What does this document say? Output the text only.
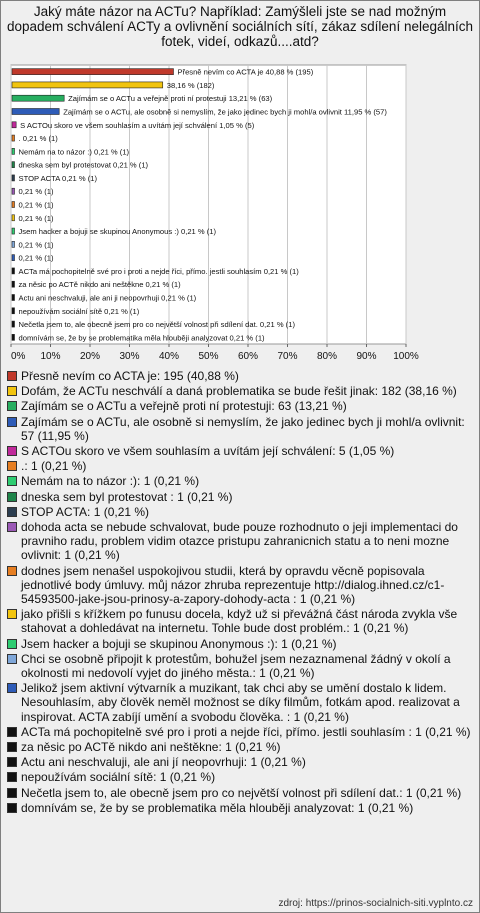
Jaký máte názor na ACTu? Například: Zamýšleli jste se nad možným dopadem schválení ACTy a ovlivnění sociálních sítí, zákaz sdílení nelegálních fotek, videí, odkazů....atd?
0% 10% 20% 30% 40% 50% 60% 70% 80% 90% 100%
Přesně nevím co ACTA je 40,88 % (195)
38,16 % (182)
Zajímám se o ACTu a veřejně proti ní protestuji 13,21 % (63)
Zajímám se o ACTu, ale osobně si nemyslím, že jako jedinec bych ji mohl/a ovlivnit 11,95 % (57)
S ACTOu skoro ve všem souhlasím a uvítám její schválení 1,05 % (5)
. 0,21 % (1)
Nemám na to názor :) 0,21 % (1)
dneska sem byl protestovat 0,21 % (1)
STOP ACTA 0,21 % (1)
0,21 % (1)
0,21 % (1)
0,21 % (1)
Jsem hacker a bojuji se skupinou Anonymous :) 0,21 % (1)
0,21 % (1)
0,21 % (1)
ACTa má pochopitelně své pro i proti a nejde říci, přímo. jestli souhlasím 0,21 % (1)
za něsic po ACTě nikdo ani neštěkne 0,21 % (1)
Actu ani neschvaluji, ale ani ji neopovrhuji 0,21 % (1)
nepoužívám sociální sítě 0,21 % (1)
Nečetla jsem to, ale obecně jsem pro co největší volnost při sdílení dat. 0,21 % (1)
domnívám se, že by se problematika měla hlouběji analyzovat 0,21 % (1)
Přesně nevím co ACTA je: 195 (40,88 %)
Dofám, že ACTu neschválí a daná problematika se bude řešit jinak: 182 (38,16 %)
Zajímám se o ACTu a veřejně proti ní protestuji: 63 (13,21 %)
Zajímám se o ACTu, ale osobně si nemyslím, že jako jedinec bych ji mohl/a ovlivnit: 57 (11,95 %)
S ACTOu skoro ve všem souhlasím a uvítám její schválení: 5 (1,05 %)
.: 1 (0,21 %)
Nemám na to názor :): 1 (0,21 %)
dneska sem byl protestovat : 1 (0,21 %)
STOP ACTA: 1 (0,21 %)
dohoda acta se nebude schvalovat, bude pouze rozhodnuto o jeji implementaci do pravniho radu, problem vidim otazce pristupu zahranicnich statu a to neni mozne ovlivnit: 1 (0,21 %)
dodnes jsem nenašel uspokojivou studii, která by opravdu věcně popisovala jednotlivé body úmluvy. můj názor zhruba reprezentuje http://dialog.ihned.cz/c1-54593500-jake-jsou-prinosy-a-zapory-dohody-acta : 1 (0,21 %)
jako přišli s křížkem po funusu docela, když už si převážná část národa zvykla vše stahovat a dohledávat na internetu. Tohle bude dost problém.: 1 (0,21 %)
Jsem hacker a bojuji se skupinou Anonymous :): 1 (0,21 %)
Chci se osobně připojit k protestům, bohužel jsem nezaznamenal žádný v okolí a okolnosti mi nedovolí vyjet do jiného města.: 1 (0,21 %)
Jelikož jsem aktivní výtvarník a muzikant, tak chci aby se umění dostalo k lidem. Nesouhlasím, aby člověk neměl možnost se díky filmům, fotkám apod. realizovat a inspirovat. ACTA zabíjí umění a svobodu člověka. : 1 (0,21 %)
ACTa má pochopitelně své pro i proti a nejde říci, přímo. jestli souhlasím : 1 (0,21 %)
za něsic po ACTě nikdo ani neštěkne: 1 (0,21 %)
Actu ani neschvaluji, ale ani jí neopovrhuji: 1 (0,21 %)
nepoužívám sociální sítě: 1 (0,21 %)
Nečetla jsem to, ale obecně jsem pro co největší volnost při sdílení dat.: 1 (0,21 %)
domnívám se, že by se problematika měla hlouběji analyzovat: 1 (0,21 %)
zdroj: https://prinos-socialnich-siti.vyplnto.cz
